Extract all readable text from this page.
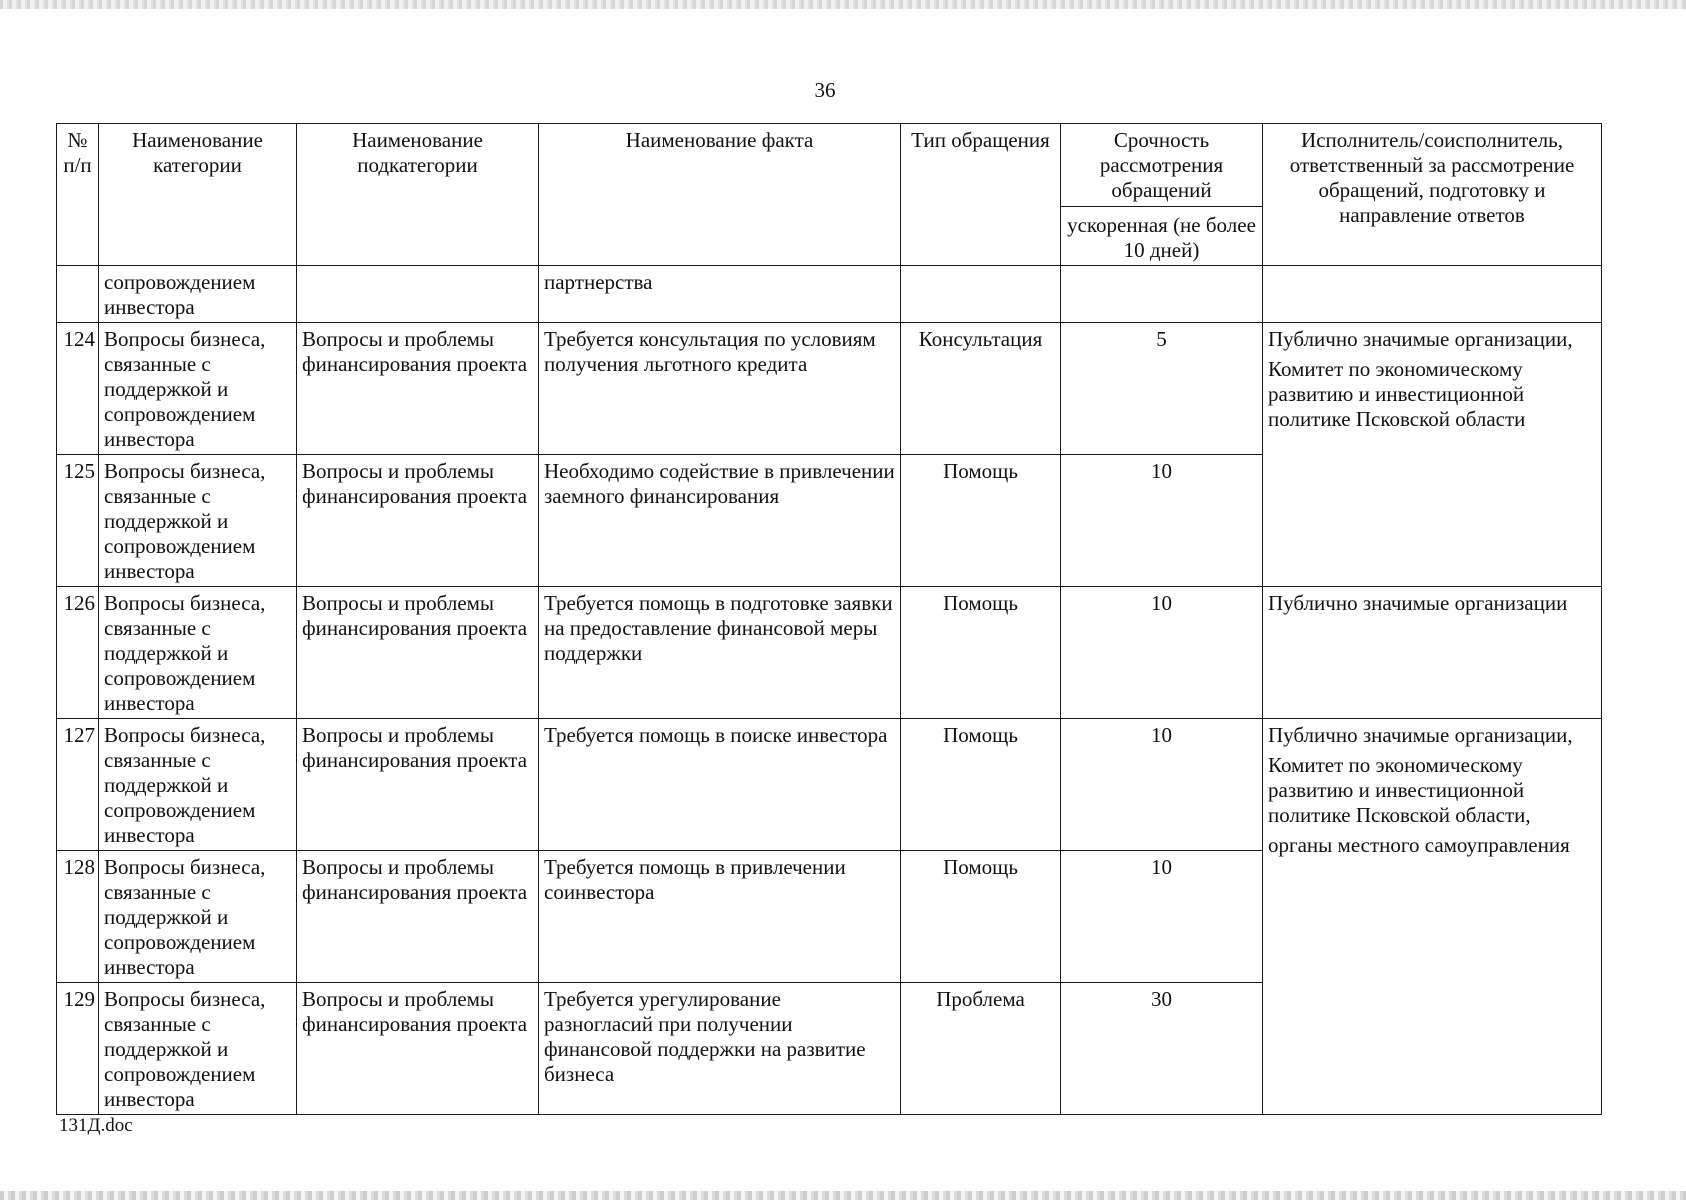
36
№ п/п	Наименование категории	Наименование подкатегории	Наименование факта	Тип обращения	Срочность рассмотрения обращений	Исполнитель/соисполнитель, ответственный за рассмотрение обращений, подготовку и направление ответов
					ускоренная (не более 10 дней)	
	сопровождением инвестора		партнерства			
124	Вопросы бизнеса, связанные с поддержкой и сопровождением инвестора	Вопросы и проблемы финансирования проекта	Требуется консультация по условиям получения льготного кредита	Консультация	5	Публично значимые организации,

Комитет по экономическому развитию и инвестиционной политике Псковской области

125	Вопросы бизнеса, связанные с поддержкой и сопровождением инвестора	Вопросы и проблемы финансирования проекта	Необходимо содействие в привлечении заемного финансирования	Помощь	10	
126	Вопросы бизнеса, связанные с поддержкой и сопровождением инвестора	Вопросы и проблемы финансирования проекта	Требуется помощь в подготовке заявки на предоставление финансовой меры поддержки	Помощь	10	Публично значимые организации

127	Вопросы бизнеса, связанные с поддержкой и сопровождением инвестора	Вопросы и проблемы финансирования проекта	Требуется помощь в поиске инвестора	Помощь	10	Публично значимые организации,

Комитет по экономическому развитию и инвестиционной политике Псковской области,

органы местного самоуправления

128	Вопросы бизнеса, связанные с поддержкой и сопровождением инвестора	Вопросы и проблемы финансирования проекта	Требуется помощь в привлечении соинвестора	Помощь	10	
129	Вопросы бизнеса, связанные с поддержкой и сопровождением инвестора	Вопросы и проблемы финансирования проекта	Требуется урегулирование разногласий при получении финансовой поддержки на развитие бизнеса	Проблема	30	
131Д.doc
